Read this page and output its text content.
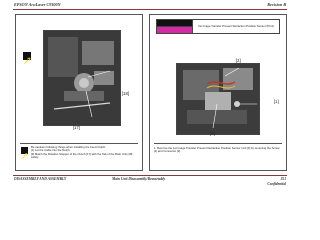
EPSON AcuLaser C9300N	Revision B
[18]
[17]
Be cautious following things when installing the Feed Clutch.
[1] Let the Cable into the Notch.
[2] Match the Rotation Stopper of the Clutch [17] with the Tab of the Main Unit [18] safely.

1st Image Transfer Prevent Retraction Position Sensor (PC4)

[2]
[1]
[3]
1. Remove the 1st Image Transfer Prevent Retraction Position Sensor Unit [3] by removing the Screw [1] and Connector [2].
DISASSEMBLY AND ASSEMBLY	Main Unit Disassembly/Reassembly	351
Confidential
